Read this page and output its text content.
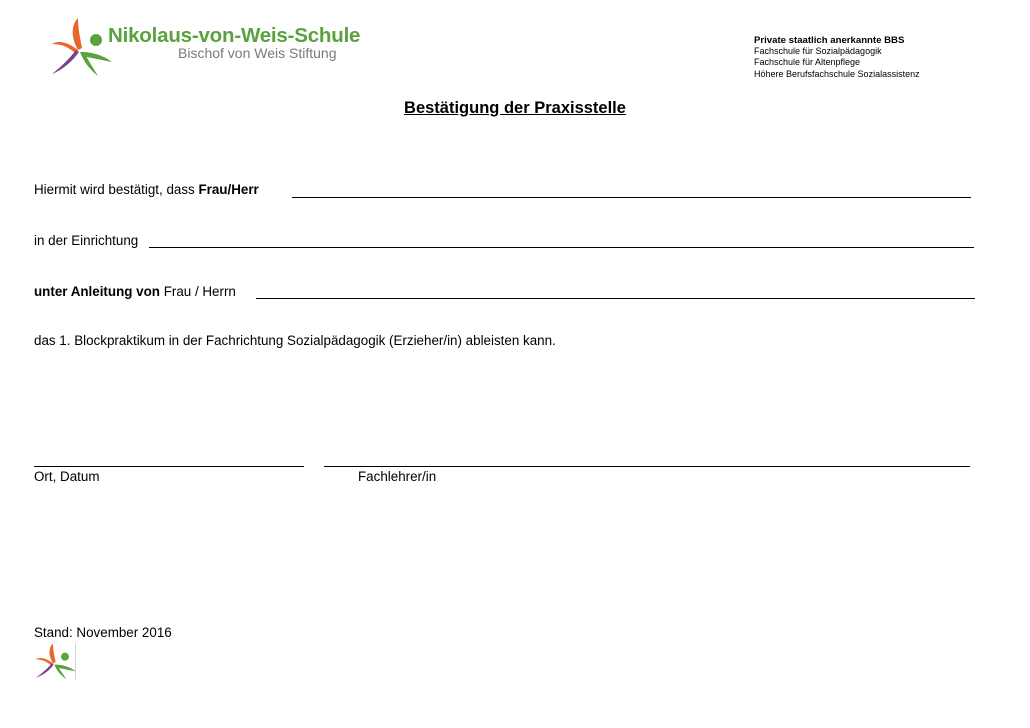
Nikolaus-von-Weis-Schule
Bischof von Weis Stiftung
Private staatlich anerkannte BBS
Fachschule für Sozialpädagogik
Fachschule für Altenpflege
Höhere Berufsfachschule Sozialassistenz
Bestätigung der Praxisstelle
Hiermit wird bestätigt, dass Frau/Herr
in der Einrichtung
unter Anleitung von Frau / Herrn
das 1. Blockpraktikum in der Fachrichtung Sozialpädagogik (Erzieher/in) ableisten kann.
Ort, Datum	Fachlehrer/in
Stand: November 2016
